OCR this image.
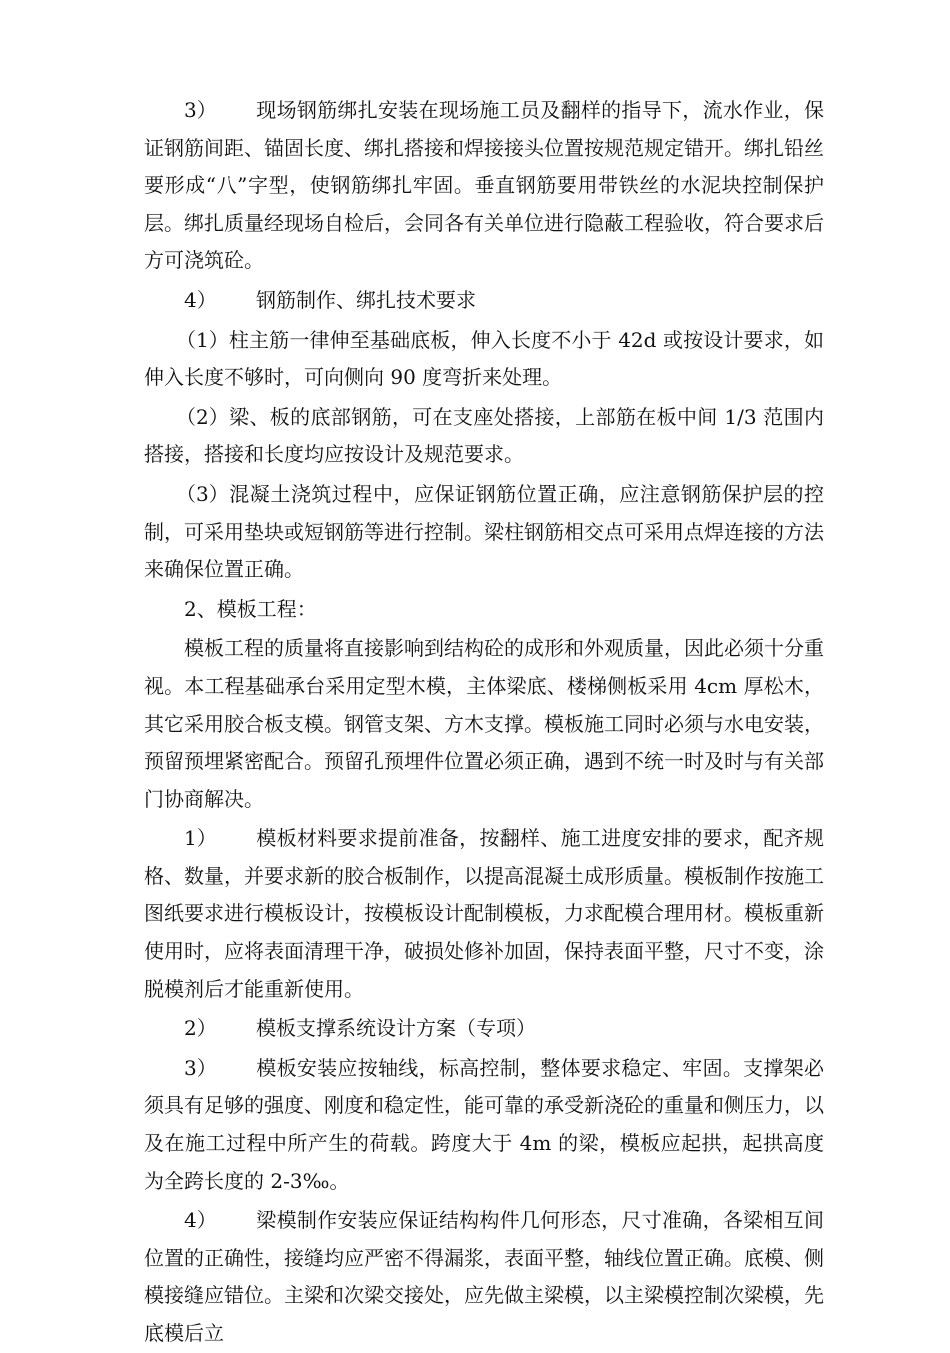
3） 现场钢筋绑扎安装在现场施工员及翻样的指导下，流水作业，保证钢筋间距、锚固长度、绑扎搭接和焊接接头位置按规范规定错开。绑扎铅丝要形成“八”字型，使钢筋绑扎牢固。垂直钢筋要用带铁丝的水泥块控制保护层。绑扎质量经现场自检后，会同各有关单位进行隐蔽工程验收，符合要求后方可浇筑砼。

4） 钢筋制作、绑扎技术要求

（1）柱主筋一律伸至基础底板，伸入长度不小于 42d 或按设计要求，如伸入长度不够时，可向侧向 90 度弯折来处理。

（2）梁、板的底部钢筋，可在支座处搭接，上部筋在板中间 1/3 范围内搭接，搭接和长度均应按设计及规范要求。

（3）混凝土浇筑过程中，应保证钢筋位置正确，应注意钢筋保护层的控制，可采用垫块或短钢筋等进行控制。梁柱钢筋相交点可采用点焊连接的方法来确保位置正确。

2、模板工程：

模板工程的质量将直接影响到结构砼的成形和外观质量，因此必须十分重视。本工程基础承台采用定型木模，主体梁底、楼梯侧板采用 4cm 厚松木，其它采用胶合板支模。钢管支架、方木支撑。模板施工同时必须与水电安装，预留预埋紧密配合。预留孔预埋件位置必须正确，遇到不统一时及时与有关部门协商解决。

1） 模板材料要求提前准备，按翻样、施工进度安排的要求，配齐规格、数量，并要求新的胶合板制作，以提高混凝土成形质量。模板制作按施工图纸要求进行模板设计，按模板设计配制模板，力求配模合理用材。模板重新使用时，应将表面清理干净，破损处修补加固，保持表面平整，尺寸不变，涂脱模剂后才能重新使用。

2） 模板支撑系统设计方案（专项）

3） 模板安装应按轴线，标高控制，整体要求稳定、牢固。支撑架必须具有足够的强度、刚度和稳定性，能可靠的承受新浇砼的重量和侧压力，以及在施工过程中所产生的荷载。跨度大于 4m 的梁，模板应起拱，起拱高度为全跨长度的 2-3‰。

4） 梁模制作安装应保证结构构件几何形态，尺寸准确，各梁相互间位置的正确性，接缝均应严密不得漏浆，表面平整，轴线位置正确。底模、侧模接缝应错位。主梁和次梁交接处，应先做主梁模，以主梁模控制次梁模，先底模后立
